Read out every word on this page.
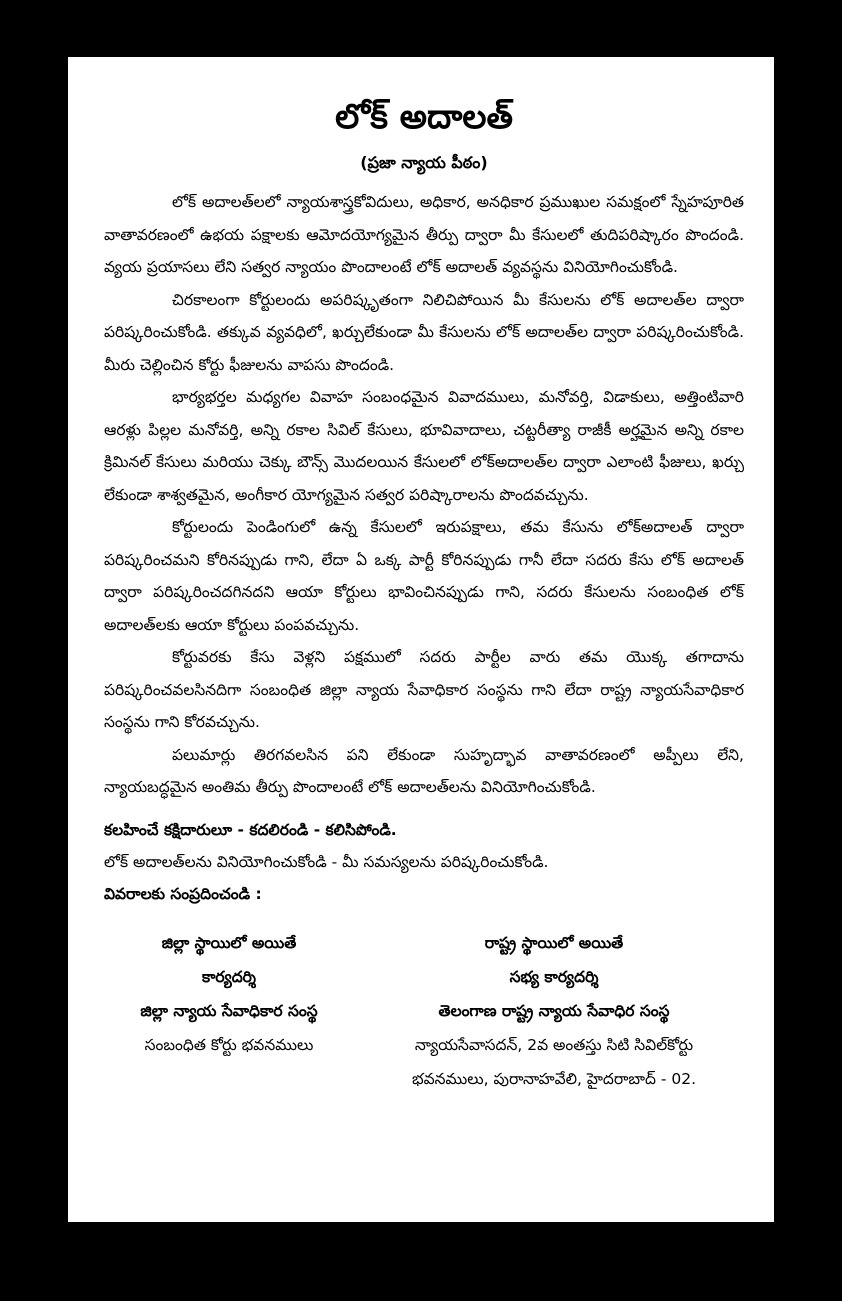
లోక్ అదాలత్
(ప్రజా న్యాయ పీఠం)

లోక్ అదాలత్‌లలో న్యాయశాస్త్రకోవిదులు, అధికార, అనధికార ప్రముఖుల సమక్షంలో స్నేహపూరిత వాతావరణంలో ఉభయ పక్షాలకు ఆమోదయోగ్యమైన తీర్పు ద్వారా మీ కేసులలో తుదిపరిష్కారం పొందండి. వ్యయ ప్రయాసలు లేని సత్వర న్యాయం పొందాలంటే లోక్ అదాలత్ వ్యవస్థను వినియోగించుకోండి.

చిరకాలంగా కోర్టులందు అపరిష్కృతంగా నిలిచిపోయిన మీ కేసులను లోక్ అదాలత్‌ల ద్వారా పరిష్కరించుకోండి. తక్కువ వ్యవధిలో, ఖర్చులేకుండా మీ కేసులను లోక్ అదాలత్‌ల ద్వారా పరిష్కరించుకోండి. మీరు చెల్లించిన కోర్టు ఫీజులను వాపసు పొందండి.

భార్యభర్తల మధ్యగల వివాహ సంబంధమైన వివాదములు, మనోవర్తి, విడాకులు, అత్తింటివారి ఆరళ్లు పిల్లల మనోవర్తి, అన్ని రకాల సివిల్ కేసులు, భూవివాదాలు, చట్టరీత్యా రాజీకీ అర్హమైన అన్ని రకాల క్రిమినల్ కేసులు మరియు చెక్కు బౌన్స్ మొదలయిన కేసులలో లోక్‌అదాలత్‌ల ద్వారా ఎలాంటి ఫీజులు, ఖర్చు లేకుండా శాశ్వతమైన, అంగీకార యోగ్యమైన సత్వర పరిష్కారాలను పొందవచ్చును.

కోర్టులందు పెండింగులో ఉన్న కేసులలో ఇరుపక్షాలు, తమ కేసును లోక్‌అదాలత్ ద్వారా పరిష్కరించమని కోరినప్పుడు గాని, లేదా ఏ ఒక్క పార్టీ కోరినప్పుడు గానీ లేదా సదరు కేసు లోక్ అదాలత్ ద్వారా పరిష్కరించదగినదని ఆయా కోర్టులు భావించినప్పుడు గాని, సదరు కేసులను సంబంధిత లోక్ అదాలత్‌లకు ఆయా కోర్టులు పంపవచ్చును.

కోర్టువరకు కేసు వెళ్లని పక్షములో సదరు పార్టీల వారు తమ యొక్క తగాదాను పరిష్కరించవలసినదిగా సంబంధిత జిల్లా న్యాయ సేవాధికార సంస్థను గాని లేదా రాష్ట్ర న్యాయసేవాధికార సంస్థను గాని కోరవచ్చును.

పలుమార్లు తిరగవలసిన పని లేకుండా సుహృద్భావ వాతావరణంలో అప్పీలు లేని, న్యాయబద్ధమైన అంతిమ తీర్పు పొందాలంటే లోక్ అదాలత్‌లను వినియోగించుకోండి.

కలహించే కక్షిదారులూ - కదలిరండి - కలిసిపోండి.

లోక్ అదాలత్‌లను వినియోగించుకోండి - మీ సమస్యలను పరిష్కరించుకోండి.

వివరాలకు సంప్రదించండి :

జిల్లా స్థాయిలో అయితే
కార్యదర్శి
జిల్లా న్యాయ సేవాధికార సంస్థ
సంబంధిత కోర్టు భవనములు
రాష్ట్ర స్థాయిలో అయితే
సభ్య కార్యదర్శి
తెలంగాణ రాష్ట్ర న్యాయ సేవాధిర సంస్థ
న్యాయసేవాసదన్, 2వ అంతస్తు సిటి సివిల్‌కోర్టు
భవనములు, పురానాహవేలి, హైదరాబాద్ - 02.
